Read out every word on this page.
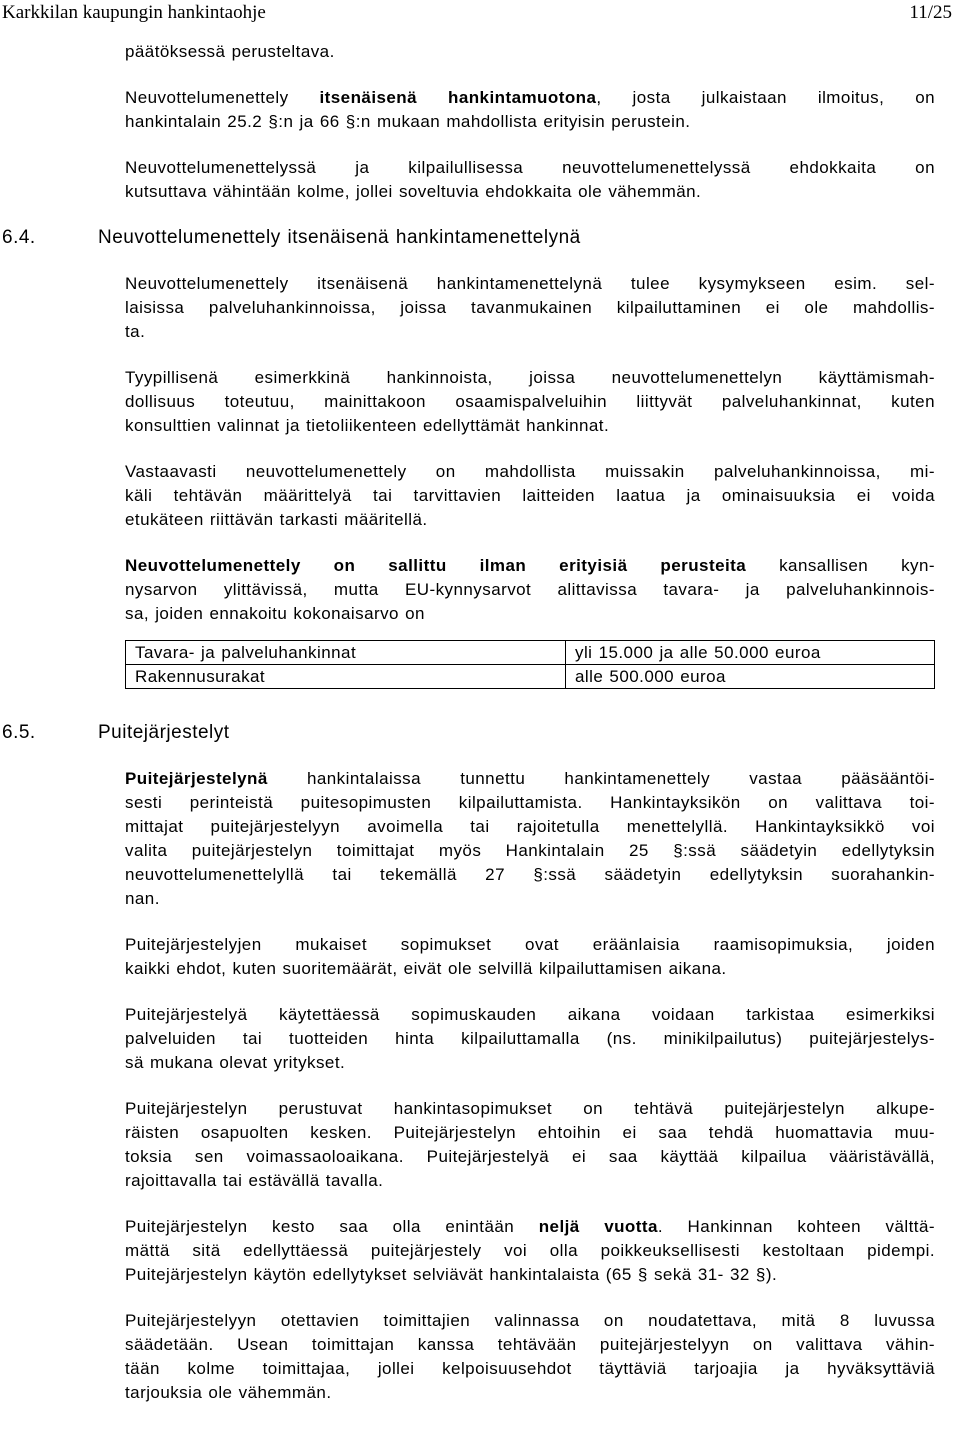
Karkkilan kaupungin hankintaohje	11/25

päätöksessä perusteltava.

Neuvottelumenettely itsenäisenä hankintamuotona, josta julkaistaan ilmoitus, on
hankintalain 25.2 §:n ja 66 §:n mukaan mahdollista erityisin perustein.

Neuvottelumenettelyssä ja kilpailullisessa neuvottelumenettelyssä ehdokkaita on
kutsuttava vähintään kolme, jollei soveltuvia ehdokkaita ole vähemmän.

6.4.	Neuvottelumenettely itsenäisenä hankintamenettelynä

Neuvottelumenettely itsenäisenä hankintamenettelynä tulee kysymykseen esim. sel-
laisissa palveluhankinnoissa, joissa tavanmukainen kilpailuttaminen ei ole mahdollis-
ta.

Tyypillisenä esimerkkinä hankinnoista, joissa neuvottelumenettelyn käyttämismah-
dollisuus toteutuu, mainittakoon osaamispalveluihin liittyvät palveluhankinnat, kuten
konsulttien valinnat ja tietoliikenteen edellyttämät hankinnat.

Vastaavasti neuvottelumenettely on mahdollista muissakin palveluhankinnoissa, mi-
käli tehtävän määrittelyä tai tarvittavien laitteiden laatua ja ominaisuuksia ei voida
etukäteen riittävän tarkasti määritellä.

Neuvottelumenettely on sallittu ilman erityisiä perusteita kansallisen kyn-
nysarvon ylittävissä, mutta EU-kynnysarvot alittavissa tavara- ja palveluhankinnois-
sa, joiden ennakoitu kokonaisarvo on

Tavara- ja palveluhankinnat	yli 15.000 ja alle 50.000 euroa
Rakennusurakat	alle 500.000 euroa
6.5.	Puitejärjestelyt

Puitejärjestelynä hankintalaissa tunnettu hankintamenettely vastaa pääsääntöi-
sesti perinteistä puitesopimusten kilpailuttamista. Hankintayksikön on valittava toi-
mittajat puitejärjestelyyn avoimella tai rajoitetulla menettelyllä. Hankintayksikkö voi
valita puitejärjestelyn toimittajat myös Hankintalain 25 §:ssä säädetyin edellytyksin
neuvottelumenettelyllä tai tekemällä 27 §:ssä säädetyin edellytyksin suorahankin-
nan.

Puitejärjestelyjen mukaiset sopimukset ovat eräänlaisia raamisopimuksia, joiden
kaikki ehdot, kuten suoritemäärät, eivät ole selvillä kilpailuttamisen aikana.

Puitejärjestelyä käytettäessä sopimuskauden aikana voidaan tarkistaa esimerkiksi
palveluiden tai tuotteiden hinta kilpailuttamalla (ns. minikilpailutus) puitejärjestelys-
sä mukana olevat yritykset.

Puitejärjestelyn perustuvat hankintasopimukset on tehtävä puitejärjestelyn alkupe-
räisten osapuolten kesken. Puitejärjestelyn ehtoihin ei saa tehdä huomattavia muu-
toksia sen voimassaoloaikana. Puitejärjestelyä ei saa käyttää kilpailua vääristävällä,
rajoittavalla tai estävällä tavalla.

Puitejärjestelyn kesto saa olla enintään neljä vuotta. Hankinnan kohteen välttä-
mättä sitä edellyttäessä puitejärjestely voi olla poikkeuksellisesti kestoltaan pidempi.
Puitejärjestelyn käytön edellytykset selviävät hankintalaista (65 § sekä 31- 32 §).

Puitejärjestelyyn otettavien toimittajien valinnassa on noudatettava, mitä 8 luvussa
säädetään. Usean toimittajan kanssa tehtävään puitejärjestelyyn on valittava vähin-
tään kolme toimittajaa, jollei kelpoisuusehdot täyttäviä tarjoajia ja hyväksyttäviä
tarjouksia ole vähemmän.
